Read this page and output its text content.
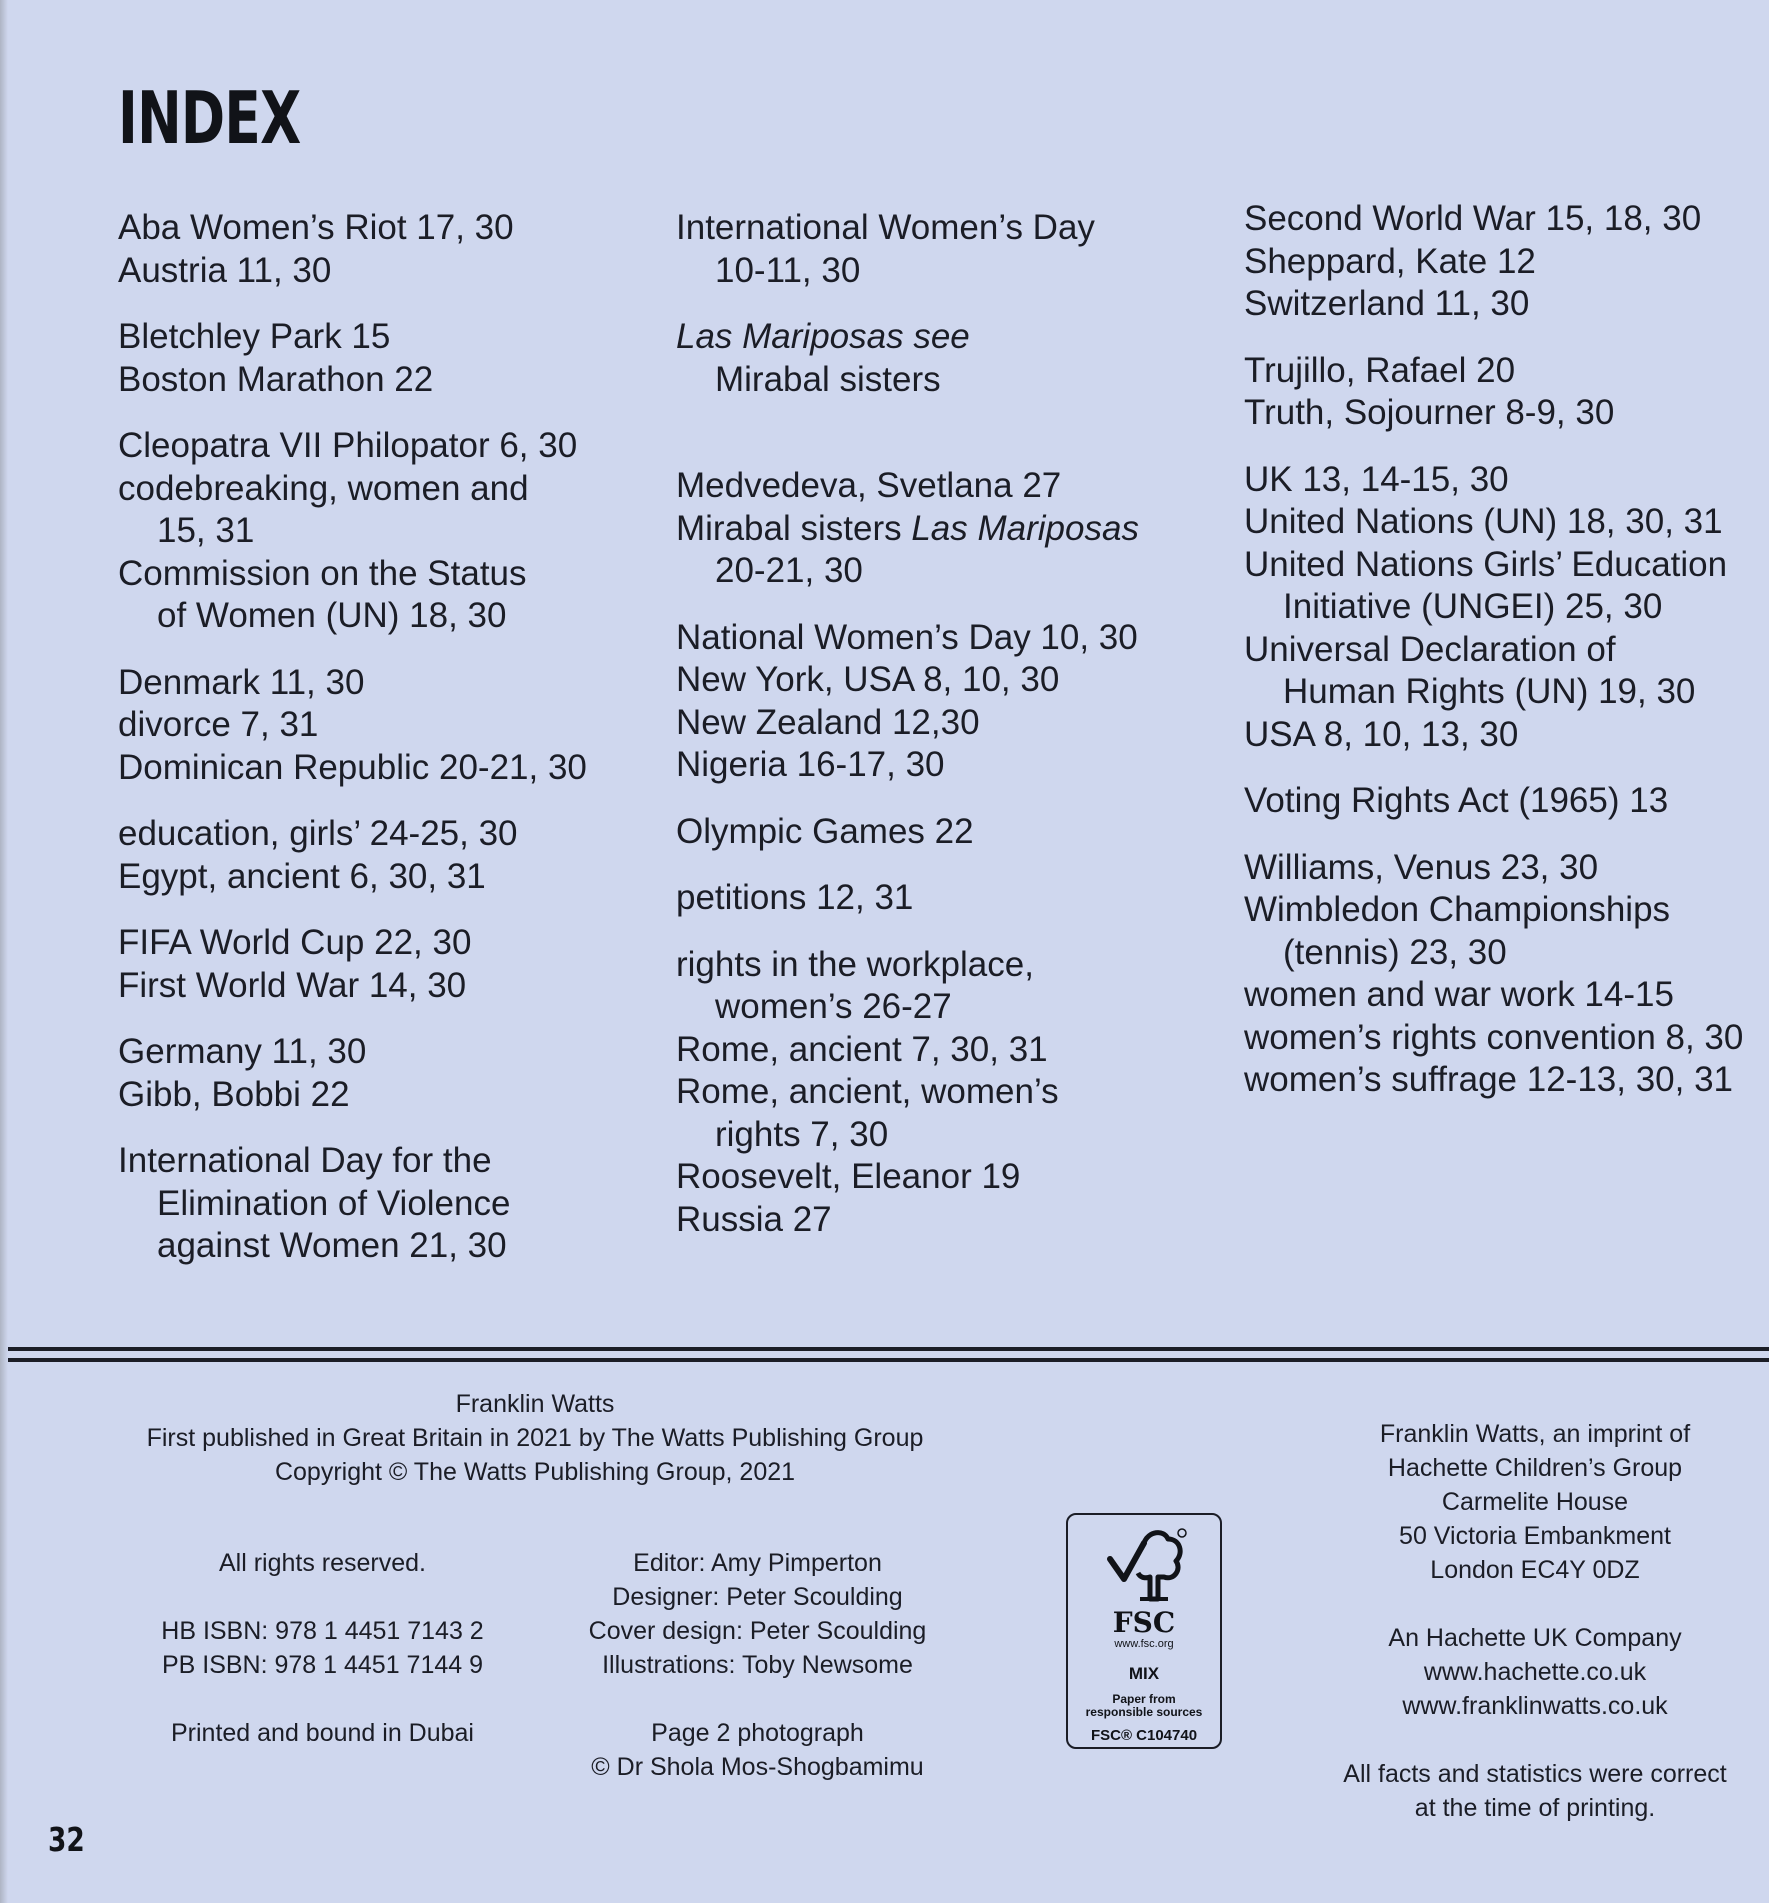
INDEX
Aba Women’s Riot 17, 30
Austria 11, 30
Bletchley Park 15
Boston Marathon 22
Cleopatra VII Philopator 6, 30
codebreaking, women and
15, 31
Commission on the Status
of Women (UN) 18, 30
Denmark 11, 30
divorce 7, 31
Dominican Republic 20-21, 30
education, girls’ 24-25, 30
Egypt, ancient 6, 30, 31
FIFA World Cup 22, 30
First World War 14, 30
Germany 11, 30
Gibb, Bobbi 22
International Day for the
Elimination of Violence
against Women 21, 30
International Women’s Day
10-11, 30
Las Mariposas see
Mirabal sisters
Medvedeva, Svetlana 27
Mirabal sisters Las Mariposas
20-21, 30
National Women’s Day 10, 30
New York, USA 8, 10, 30
New Zealand 12,30
Nigeria 16-17, 30
Olympic Games 22
petitions 12, 31
rights in the workplace,
women’s 26-27
Rome, ancient 7, 30, 31
Rome, ancient, women’s
rights 7, 30
Roosevelt, Eleanor 19
Russia 27
Second World War 15, 18, 30
Sheppard, Kate 12
Switzerland 11, 30
Trujillo, Rafael 20
Truth, Sojourner 8-9, 30
UK 13, 14-15, 30
United Nations (UN) 18, 30, 31
United Nations Girls’ Education
Initiative (UNGEI) 25, 30
Universal Declaration of
Human Rights (UN) 19, 30
USA 8, 10, 13, 30
Voting Rights Act (1965) 13
Williams, Venus 23, 30
Wimbledon Championships
(tennis) 23, 30
women and war work 14-15
women’s rights convention 8, 30
women’s suffrage 12-13, 30, 31
Franklin Watts
First published in Great Britain in 2021 by The Watts Publishing Group
Copyright © The Watts Publishing Group, 2021
All rights reserved.
HB ISBN: 978 1 4451 7143 2
PB ISBN: 978 1 4451 7144 9
Printed and bound in Dubai
Editor: Amy Pimperton
Designer: Peter Scoulding
Cover design: Peter Scoulding
Illustrations: Toby Newsome
Page 2 photograph
© Dr Shola Mos-Shogbamimu
FSC
www.fsc.org
MIX
Paper from
responsible sources
FSC® C104740
Franklin Watts, an imprint of
Hachette Children’s Group
Carmelite House
50 Victoria Embankment
London EC4Y 0DZ
An Hachette UK Company
www.hachette.co.uk
www.franklinwatts.co.uk
All facts and statistics were correct
at the time of printing.
32
